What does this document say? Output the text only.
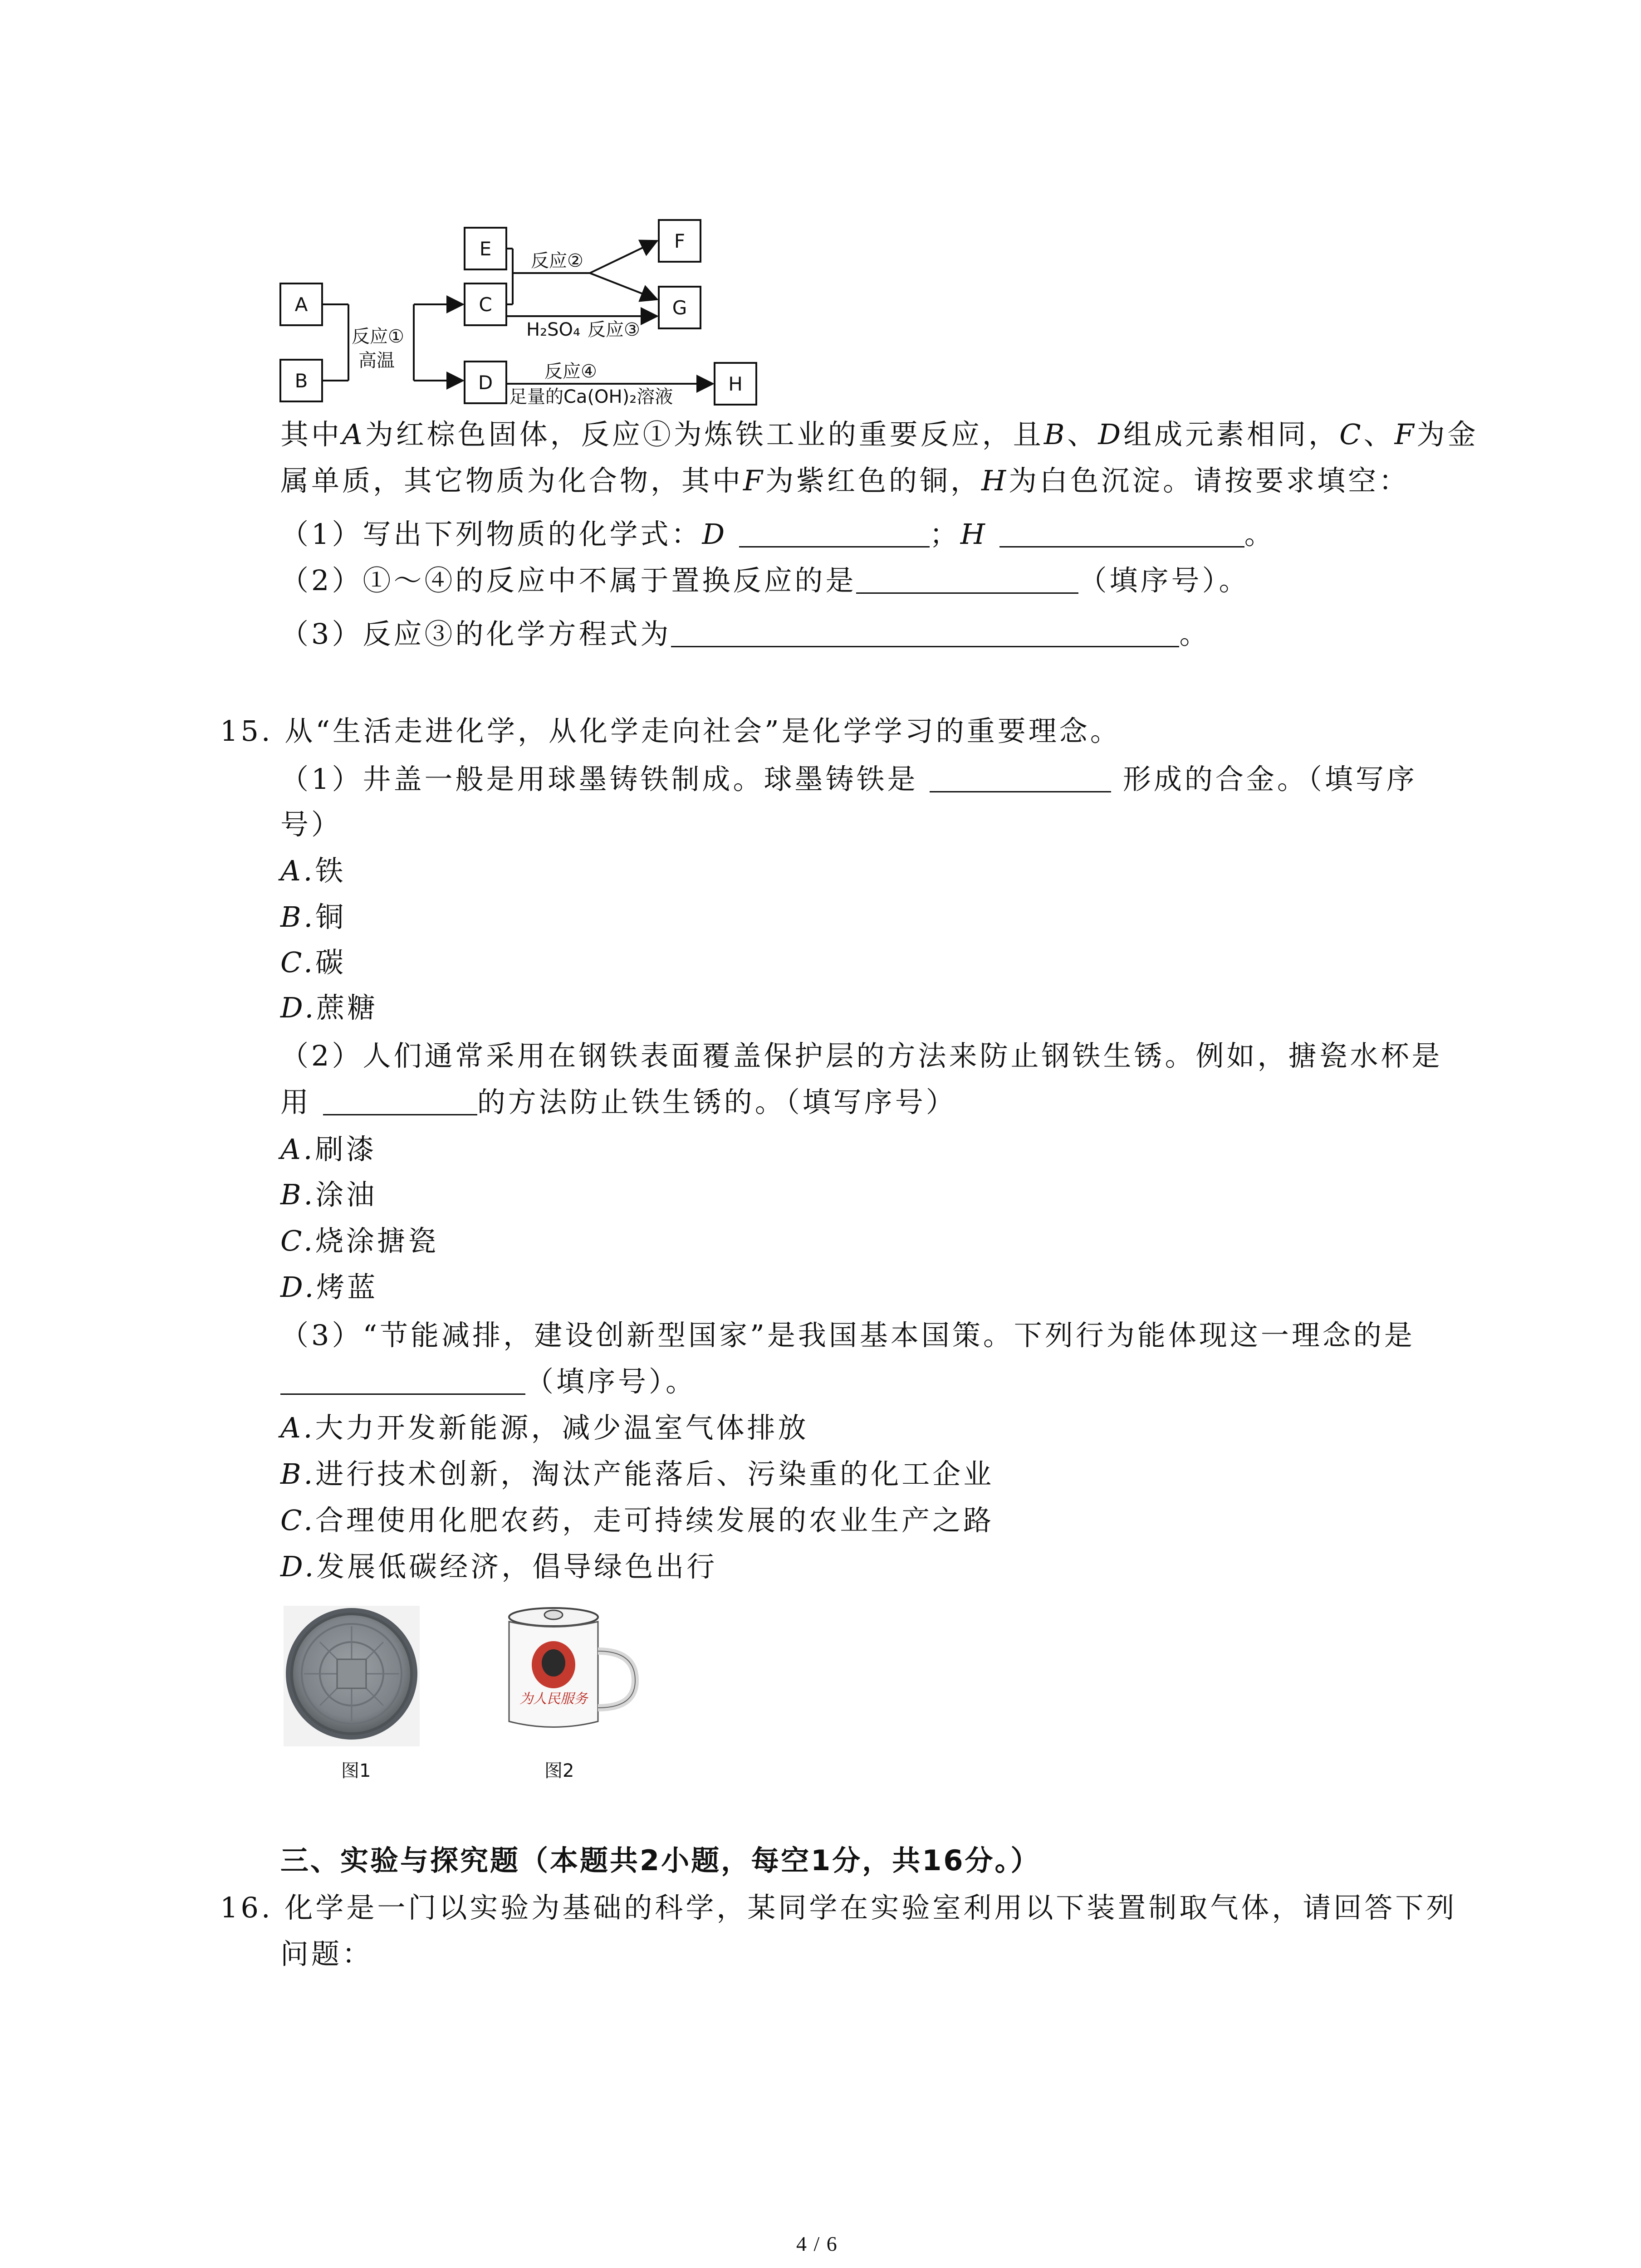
反应①
高温
反应②
H₂SO₄ 反应③
反应④
足量的Ca(OH)₂溶液
A
B
E
C
D
F
G
H
其中A为红棕色固体，反应①为炼铁工业的重要反应，且B、D组成元素相同，C、F为金
属单质，其它物质为化合物，其中F为紫红色的铜，H为白色沉淀。请按要求填空：
（1）写出下列物质的化学式：D	；H	。
（2）①～④的反应中不属于置换反应的是	（填序号）。
（3）反应③的化学方程式为	。
15. 从“生活走进化学，从化学走向社会”是化学学习的重要理念。
（1）井盖一般是用球墨铸铁制成。球墨铸铁是	形成的合金。（填写序
号）
A.铁
B.铜
C.碳
D.蔗糖
（2）人们通常采用在钢铁表面覆盖保护层的方法来防止钢铁生锈。例如，搪瓷水杯是
用	的方法防止铁生锈的。（填写序号）
A.刷漆
B.涂油
C.烧涂搪瓷
D.烤蓝
（3）“节能减排，建设创新型国家”是我国基本国策。下列行为能体现这一理念的是
（填序号）。
A.大力开发新能源，减少温室气体排放
B.进行技术创新，淘汰产能落后、污染重的化工企业
C.合理使用化肥农药，走可持续发展的农业生产之路
D.发展低碳经济，倡导绿色出行
图1
为人民服务
图2
三、实验与探究题（本题共2小题，每空1分，共16分。）
16. 化学是一门以实验为基础的科学，某同学在实验室利用以下装置制取气体，请回答下列
问题：
4 / 6
